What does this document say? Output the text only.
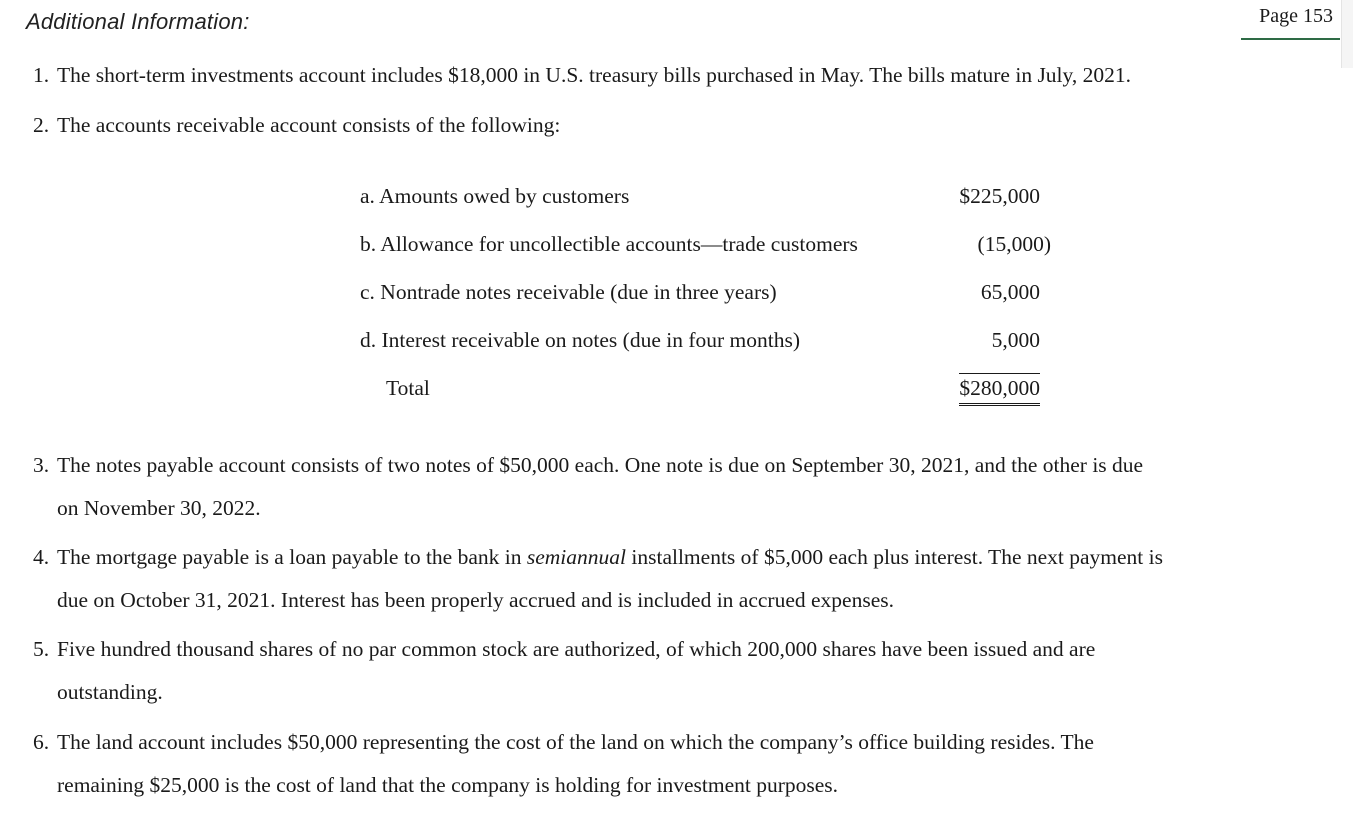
Additional Information:	Page 153
1. The short-term investments account includes $18,000 in U.S. treasury bills purchased in May. The bills mature in July, 2021.
2. The accounts receivable account consists of the following:
a. Amounts owed by customers	$225,000
b. Allowance for uncollectible accounts—trade customers	(15,000)
c. Nontrade notes receivable (due in three years)	65,000
d. Interest receivable on notes (due in four months)	5,000
Total	$280,000
3. The notes payable account consists of two notes of $50,000 each. One note is due on September 30, 2021, and the other is due
on November 30, 2022.
4. The mortgage payable is a loan payable to the bank in semiannual installments of $5,000 each plus interest. The next payment is
due on October 31, 2021. Interest has been properly accrued and is included in accrued expenses.
5. Five hundred thousand shares of no par common stock are authorized, of which 200,000 shares have been issued and are
outstanding.
6. The land account includes $50,000 representing the cost of the land on which the company’s office building resides. The
remaining $25,000 is the cost of land that the company is holding for investment purposes.
